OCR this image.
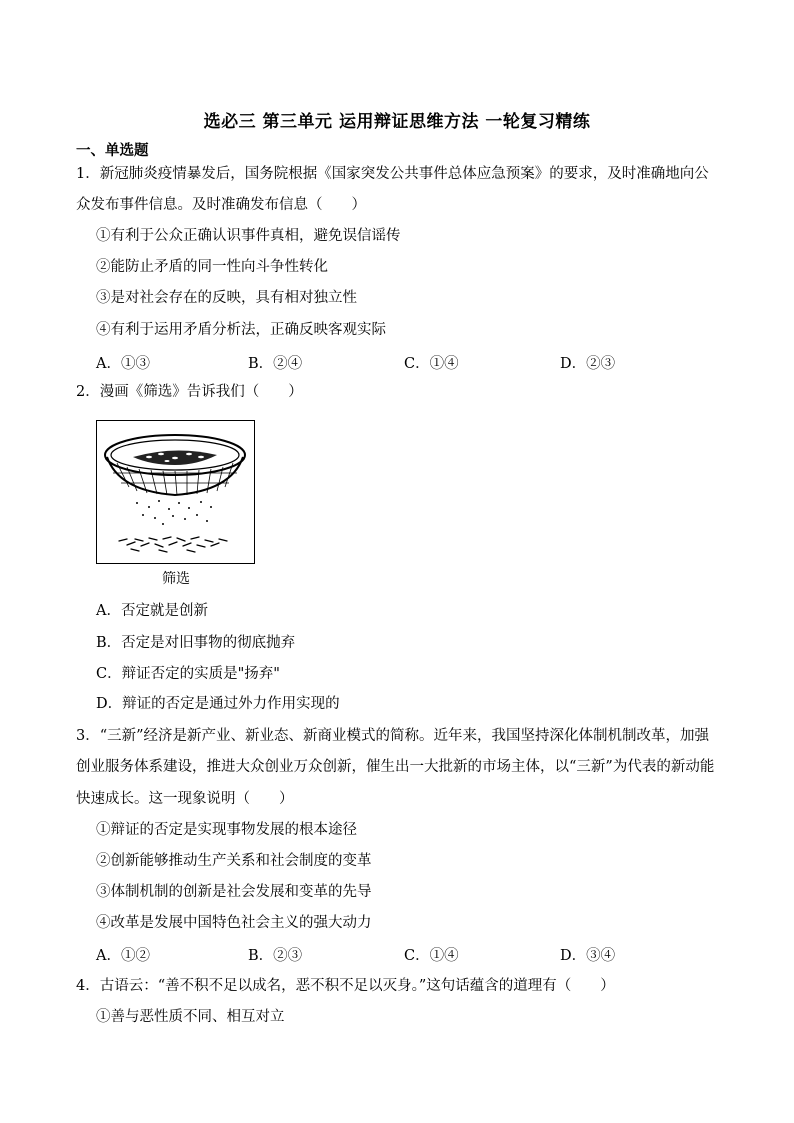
选必三 第三单元 运用辩证思维方法 一轮复习精练
一、单选题
1．新冠肺炎疫情暴发后，国务院根据《国家突发公共事件总体应急预案》的要求，及时准确地向公
众发布事件信息。及时准确发布信息（　　）
①有利于公众正确认识事件真相，避免误信谣传
②能防止矛盾的同一性向斗争性转化
③是对社会存在的反映，具有相对独立性
④有利于运用矛盾分析法，正确反映客观实际
A．①③	B．②④	C．①④	D．②③
2．漫画《筛选》告诉我们（　　）
筛选
A．否定就是创新
B．否定是对旧事物的彻底抛弃
C．辩证否定的实质是"扬弃"
D．辩证的否定是通过外力作用实现的
3．“三新”经济是新产业、新业态、新商业模式的简称。近年来，我国坚持深化体制机制改革，加强
创业服务体系建设，推进大众创业万众创新，催生出一大批新的市场主体，以“三新”为代表的新动能
快速成长。这一现象说明（　　）
①辩证的否定是实现事物发展的根本途径
②创新能够推动生产关系和社会制度的变革
③体制机制的创新是社会发展和变革的先导
④改革是发展中国特色社会主义的强大动力
A．①②	B．②③	C．①④	D．③④
4．古语云：“善不积不足以成名，恶不积不足以灭身。”这句话蕴含的道理有（　　）
①善与恶性质不同、相互对立
